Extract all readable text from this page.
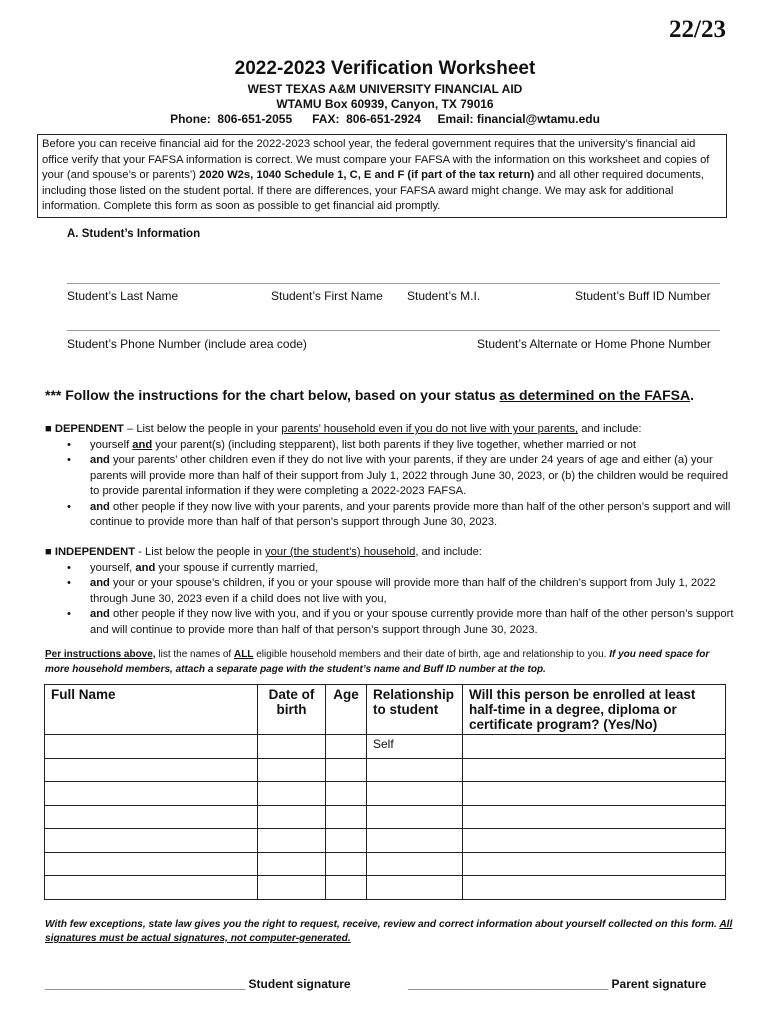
22/23
2022-2023 Verification Worksheet
WEST TEXAS A&M UNIVERSITY FINANCIAL AID
WTAMU Box 60939, Canyon, TX 79016
Phone:  806-651-2055      FAX:  806-651-2924     Email: financial@wtamu.edu
Before you can receive financial aid for the 2022-2023 school year, the federal government requires that the university’s financial aid office verify that your FAFSA information is correct. We must compare your FAFSA with the information on this worksheet and copies of your (and spouse’s or parents’) 2020 W2s, 1040 Schedule 1, C, E and F (if part of the tax return) and all other required documents, including those listed on the student portal. If there are differences, your FAFSA award might change. We may ask for additional information. Complete this form as soon as possible to get financial aid promptly.
A. Student’s Information
Student’s Last Name	Student’s First Name Student’s M.I.	Student’s Buff ID Number
Student’s Phone Number (include area code)	Student’s Alternate or Home Phone Number
*** Follow the instructions for the chart below, based on your status as determined on the FAFSA.
■ DEPENDENT – List below the people in your parents’ household even if you do not live with your parents, and include:
• yourself and your parent(s) (including stepparent), list both parents if they live together, whether married or not
• and your parents’ other children even if they do not live with your parents, if they are under 24 years of age and either (a) your parents will provide more than half of their support from July 1, 2022 through June 30, 2023, or (b) the children would be required to provide parental information if they were completing a 2022-2023 FAFSA.
• and other people if they now live with your parents, and your parents provide more than half of the other person’s support and will continue to provide more than half of that person’s support through June 30, 2023.
■ INDEPENDENT - List below the people in your (the student’s) household, and include:
• yourself, and your spouse if currently married,
• and your or your spouse’s children, if you or your spouse will provide more than half of the children’s support from July 1, 2022 through June 30, 2023 even if a child does not live with you,
• and other people if they now live with you, and if you or your spouse currently provide more than half of the other person’s support and will continue to provide more than half of that person’s support through June 30, 2023.
Per instructions above, list the names of ALL eligible household members and their date of birth, age and relationship to you. If you need space for more household members, attach a separate page with the student’s name and Buff ID number at the top.
Full Name	Date of birth	Age	Relationship to student	Will this person be enrolled at least half-time in a degree, diploma or certificate program? (Yes/No)
			Self	

With few exceptions, state law gives you the right to request, receive, review and correct information about yourself collected on this form. All signatures must be actual signatures, not computer-generated.
______________________________ Student signature	______________________________ Parent signature
